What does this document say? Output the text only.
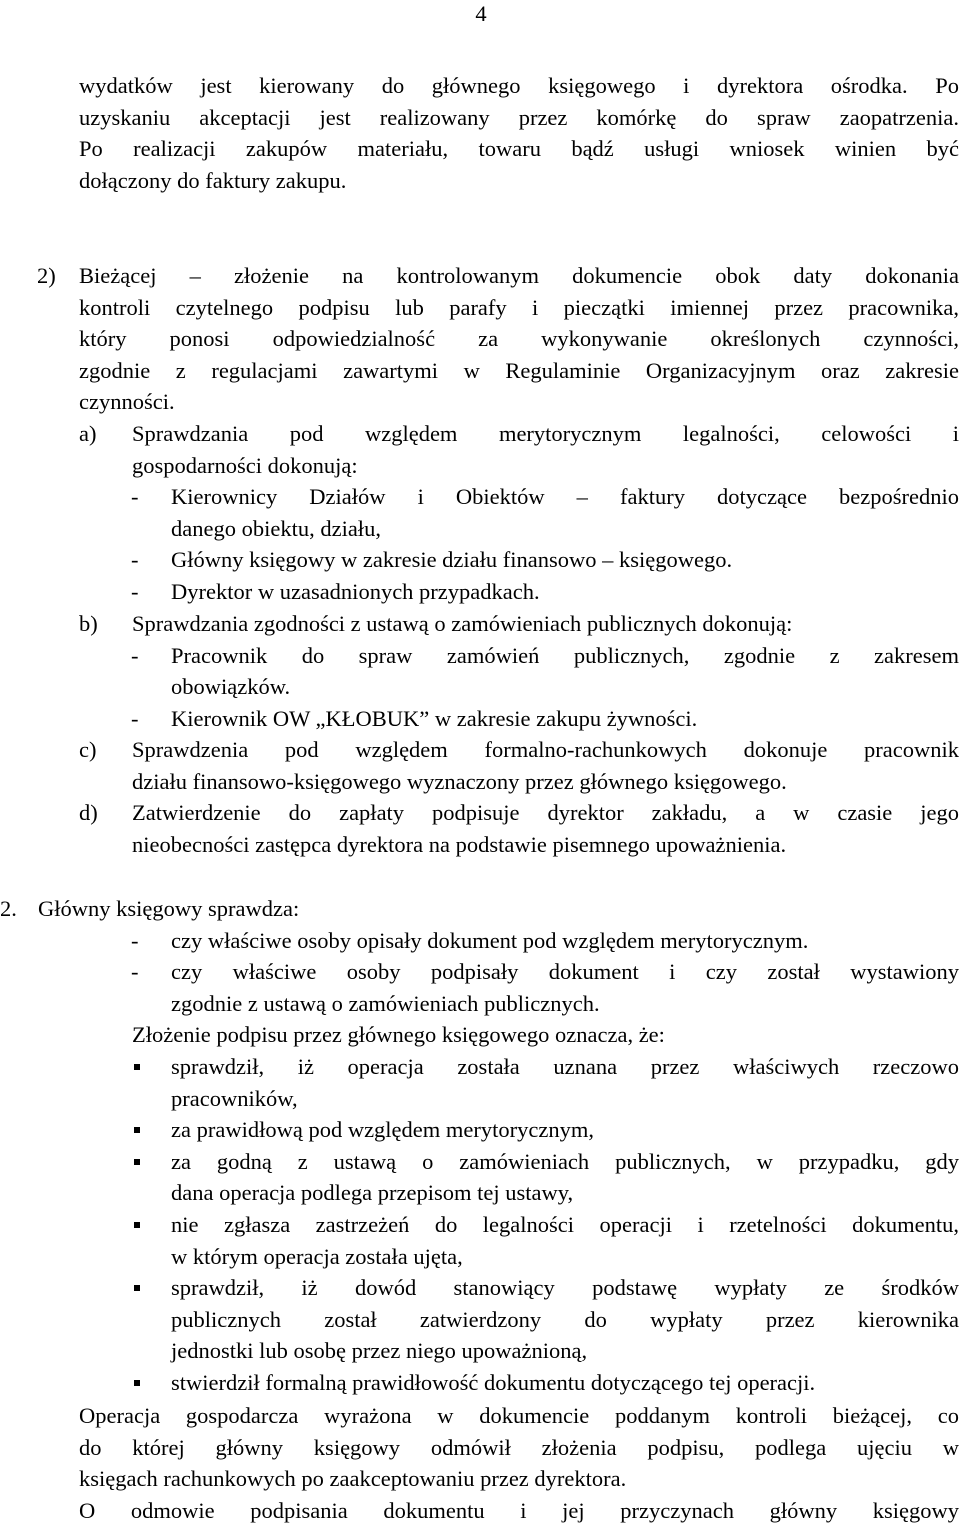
4
wydatków jest kierowany do głównego księgowego i dyrektora ośrodka. Po
uzyskaniu akceptacji jest realizowany przez komórkę do spraw zaopatrzenia.
Po realizacji zakupów materiału, towaru bądź usługi wniosek winien być
dołączony do faktury zakupu.
2) Bieżącej – złożenie na kontrolowanym dokumencie obok daty dokonania
kontroli czytelnego podpisu lub parafy i pieczątki imiennej przez pracownika,
który ponosi odpowiedzialność za wykonywanie określonych czynności,
zgodnie z regulacjami zawartymi w Regulaminie Organizacyjnym oraz zakresie
czynności.
a) Sprawdzania pod względem merytorycznym legalności, celowości i
gospodarności dokonują:
- Kierownicy Działów i Obiektów – faktury dotyczące bezpośrednio
danego obiektu, działu,
- Główny księgowy w zakresie działu finansowo – księgowego.
- Dyrektor w uzasadnionych przypadkach.
b) Sprawdzania zgodności z ustawą o zamówieniach publicznych dokonują:
- Pracownik do spraw zamówień publicznych, zgodnie z zakresem
obowiązków.
- Kierownik OW „KŁOBUK” w zakresie zakupu żywności.
c) Sprawdzenia pod względem formalno-rachunkowych dokonuje pracownik
działu finansowo-księgowego wyznaczony przez głównego księgowego.
d) Zatwierdzenie do zapłaty podpisuje dyrektor zakładu, a w czasie jego
nieobecności zastępca dyrektora na podstawie pisemnego upoważnienia.
2. Główny księgowy sprawdza:
- czy właściwe osoby opisały dokument pod względem merytorycznym.
- czy właściwe osoby podpisały dokument i czy został wystawiony
zgodnie z ustawą o zamówieniach publicznych.
Złożenie podpisu przez głównego księgowego oznacza, że:
sprawdził, iż operacja została uznana przez właściwych rzeczowo
pracowników,
za prawidłową pod względem merytorycznym,
za godną z ustawą o zamówieniach publicznych, w przypadku, gdy
dana operacja podlega przepisom tej ustawy,
nie zgłasza zastrzeżeń do legalności operacji i rzetelności dokumentu,
w którym operacja została ujęta,
sprawdził, iż dowód stanowiący podstawę wypłaty ze środków
publicznych został zatwierdzony do wypłaty przez kierownika
jednostki lub osobę przez niego upoważnioną,
stwierdził formalną prawidłowość dokumentu dotyczącego tej operacji.
Operacja gospodarcza wyrażona w dokumencie poddanym kontroli bieżącej, co
do której główny księgowy odmówił złożenia podpisu, podlega ujęciu w
księgach rachunkowych po zaakceptowaniu przez dyrektora.
O odmowie podpisania dokumentu i jej przyczynach główny księgowy
